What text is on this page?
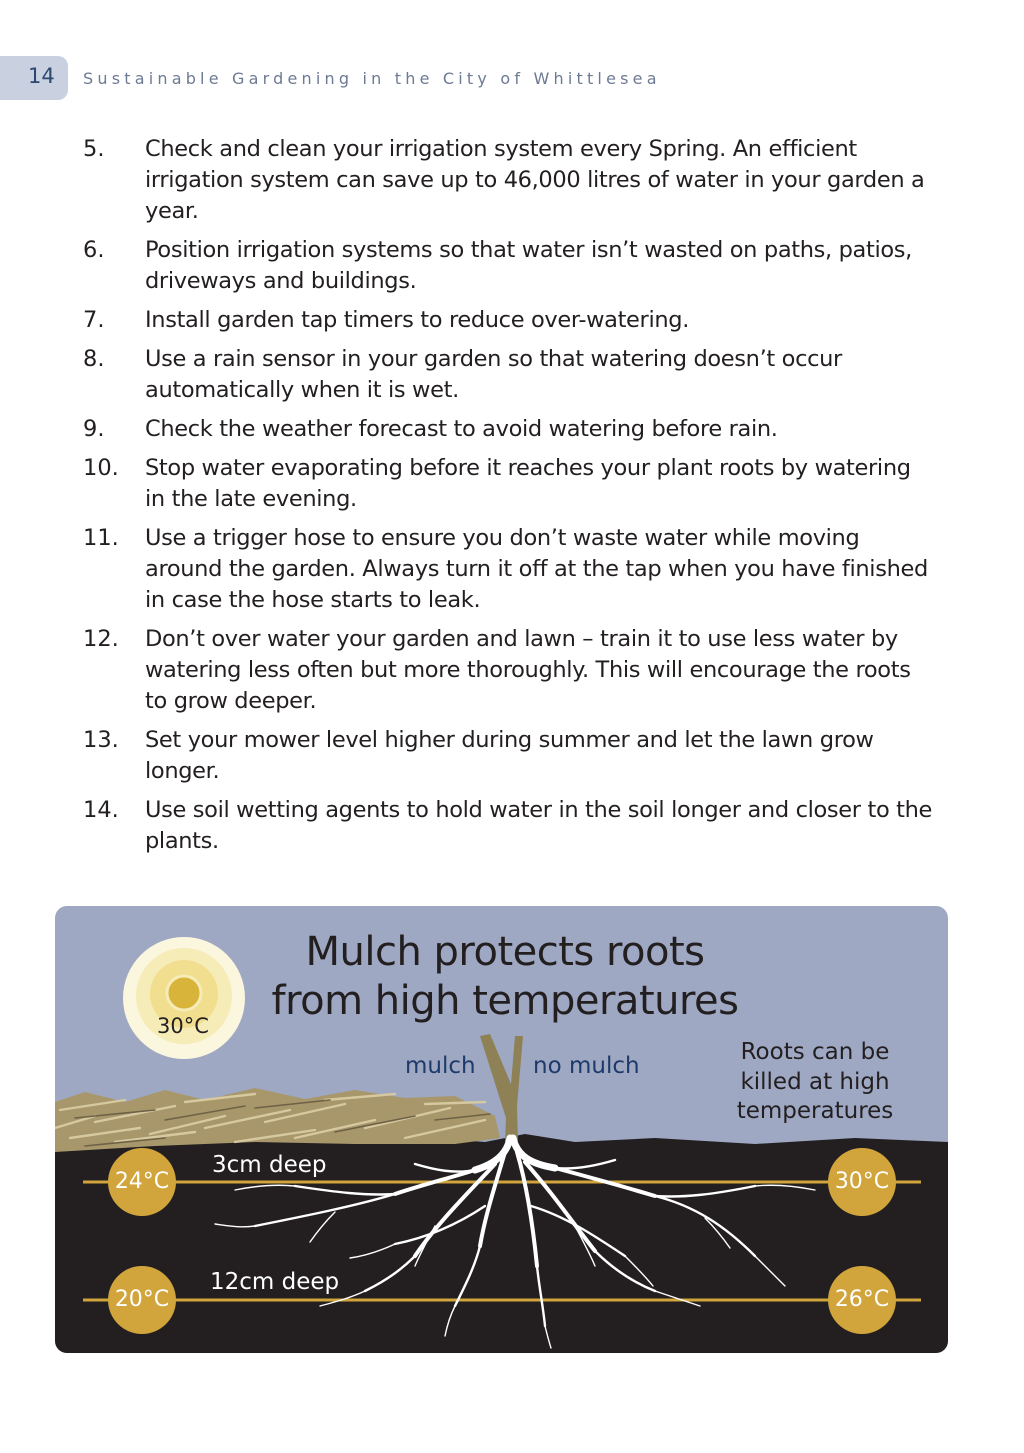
14 Sustainable Gardening in the City of Whittlesea
5.	Check and clean your irrigation system every Spring. An efficient irrigation system can save up to 46,000 litres of water in your garden a year.
6.	Position irrigation systems so that water isn’t wasted on paths, patios, driveways and buildings.
7.	Install garden tap timers to reduce over-watering.
8.	Use a rain sensor in your garden so that watering doesn’t occur automatically when it is wet.
9.	Check the weather forecast to avoid watering before rain.
10.	Stop water evaporating before it reaches your plant roots by watering in the late evening.
11.	Use a trigger hose to ensure you don’t waste water while moving around the garden. Always turn it off at the tap when you have finished in case the hose starts to leak.
12.	Don’t over water your garden and lawn – train it to use less water by watering less often but more thoroughly. This will encourage the roots to grow deeper.
13.	Set your mower level higher during summer and let the lawn grow longer.
14.	Use soil wetting agents to hold water in the soil longer and closer to the plants.
Mulch protects roots
from high temperatures
30°C
mulch no mulch
Roots can be
killed at high
temperatures
3cm deep
12cm deep
24°C
20°C
30°C
26°C
